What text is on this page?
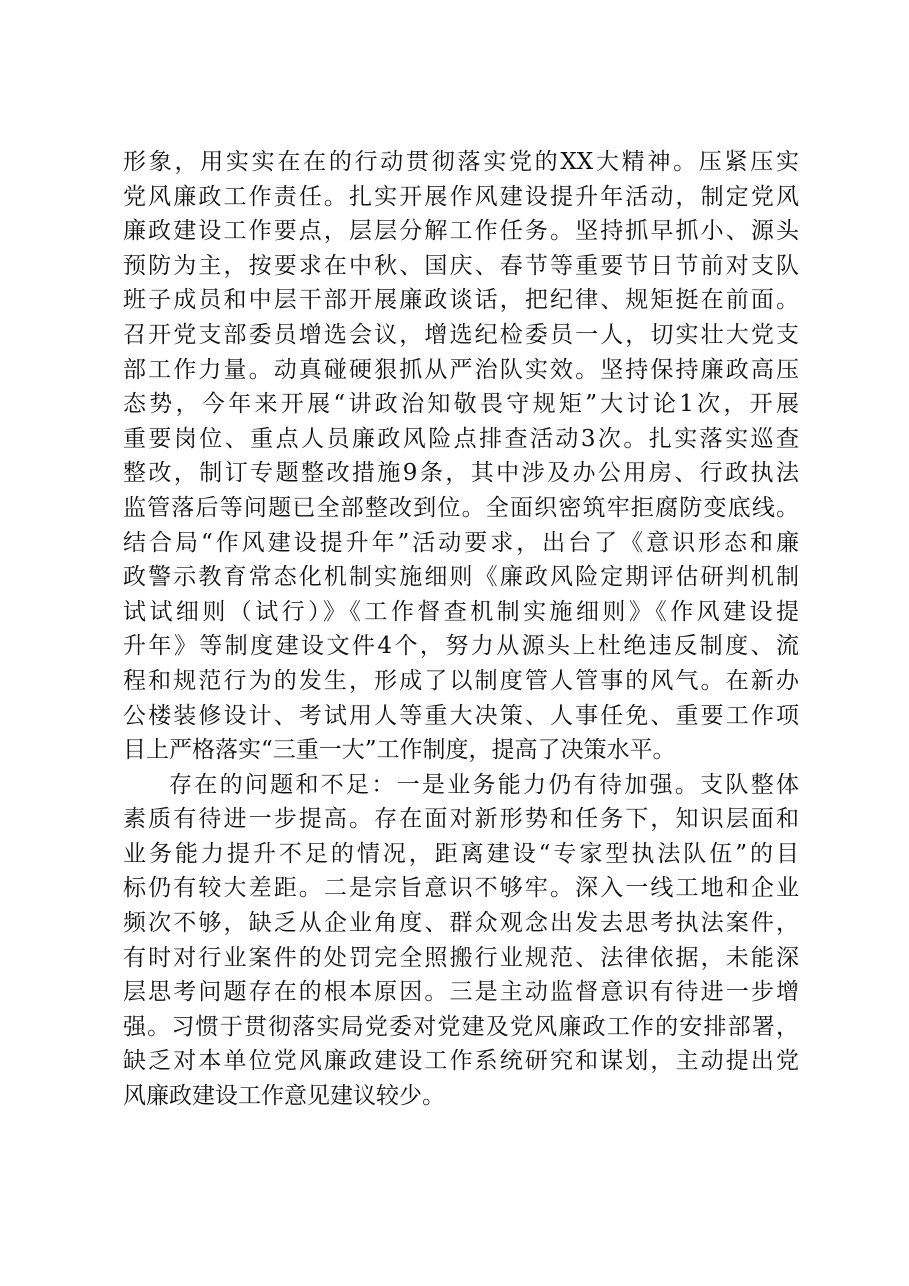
形象，用实实在在的行动贯彻落实党的XX大精神。压紧压实
党风廉政工作责任。扎实开展作风建设提升年活动，制定党风
廉政建设工作要点，层层分解工作任务。坚持抓早抓小、源头
预防为主，按要求在中秋、国庆、春节等重要节日节前对支队
班子成员和中层干部开展廉政谈话，把纪律、规矩挺在前面。
召开党支部委员增选会议，增选纪检委员一人，切实壮大党支
部工作力量。动真碰硬狠抓从严治队实效。坚持保持廉政高压
态势，今年来开展“讲政治知敬畏守规矩”大讨论1次，开展
重要岗位、重点人员廉政风险点排查活动3次。扎实落实巡查
整改，制订专题整改措施9条，其中涉及办公用房、行政执法
监管落后等问题已全部整改到位。全面织密筑牢拒腐防变底线。
结合局“作风建设提升年”活动要求，出台了《意识形态和廉
政警示教育常态化机制实施细则《廉政风险定期评估研判机制
试试细则（试行）》《工作督查机制实施细则》《作风建设提
升年》等制度建设文件4个，努力从源头上杜绝违反制度、流
程和规范行为的发生，形成了以制度管人管事的风气。在新办
公楼装修设计、考试用人等重大决策、人事任免、重要工作项
目上严格落实“三重一大”工作制度，提高了决策水平。
存在的问题和不足：一是业务能力仍有待加强。支队整体
素质有待进一步提高。存在面对新形势和任务下，知识层面和
业务能力提升不足的情况，距离建设“专家型执法队伍”的目
标仍有较大差距。二是宗旨意识不够牢。深入一线工地和企业
频次不够，缺乏从企业角度、群众观念出发去思考执法案件，
有时对行业案件的处罚完全照搬行业规范、法律依据，未能深
层思考问题存在的根本原因。三是主动监督意识有待进一步增
强。习惯于贯彻落实局党委对党建及党风廉政工作的安排部署，
缺乏对本单位党风廉政建设工作系统研究和谋划，主动提出党
风廉政建设工作意见建议较少。
